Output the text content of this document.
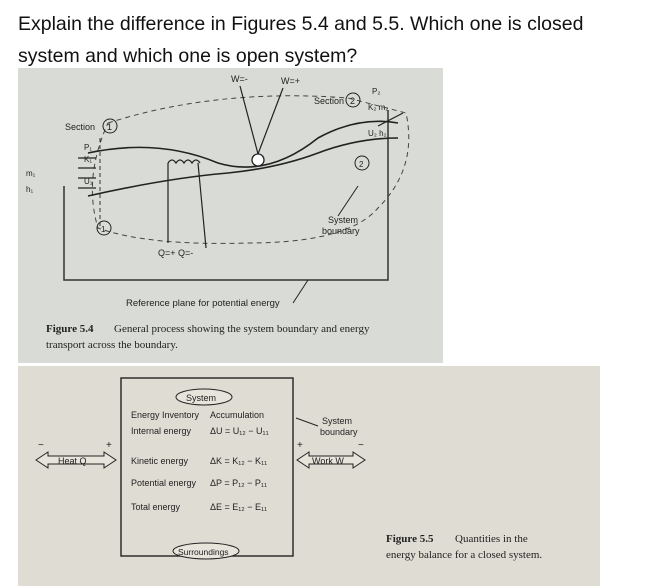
Explain the difference in Figures 5.4 and 5.5. Which one is closed
system and which one is open system?
W=-	W=+
Section 2
P₂
K₂ m₂
U₂ h₂
Section 1
P₁
K₁
m₁
U₁
h₁
1
2
System
boundary
Q=+ Q=-
Reference plane for potential energy
Figure 5.4 General process showing the system boundary and energy
transport across the boundary.
System
Energy Inventory Accumulation
Internal energy ΔU = U₁₂ − U₁₁
Kinetic energy ΔK = K₁₂ − K₁₁
Potential energy ΔP = P₁₂ − P₁₁
Total energy	ΔE = E₁₂ − E₁₁
Heat Q
−	+
Work W
+	−
System
boundary
Surroundings
Figure 5.5 Quantities in the
energy balance for a closed system.
